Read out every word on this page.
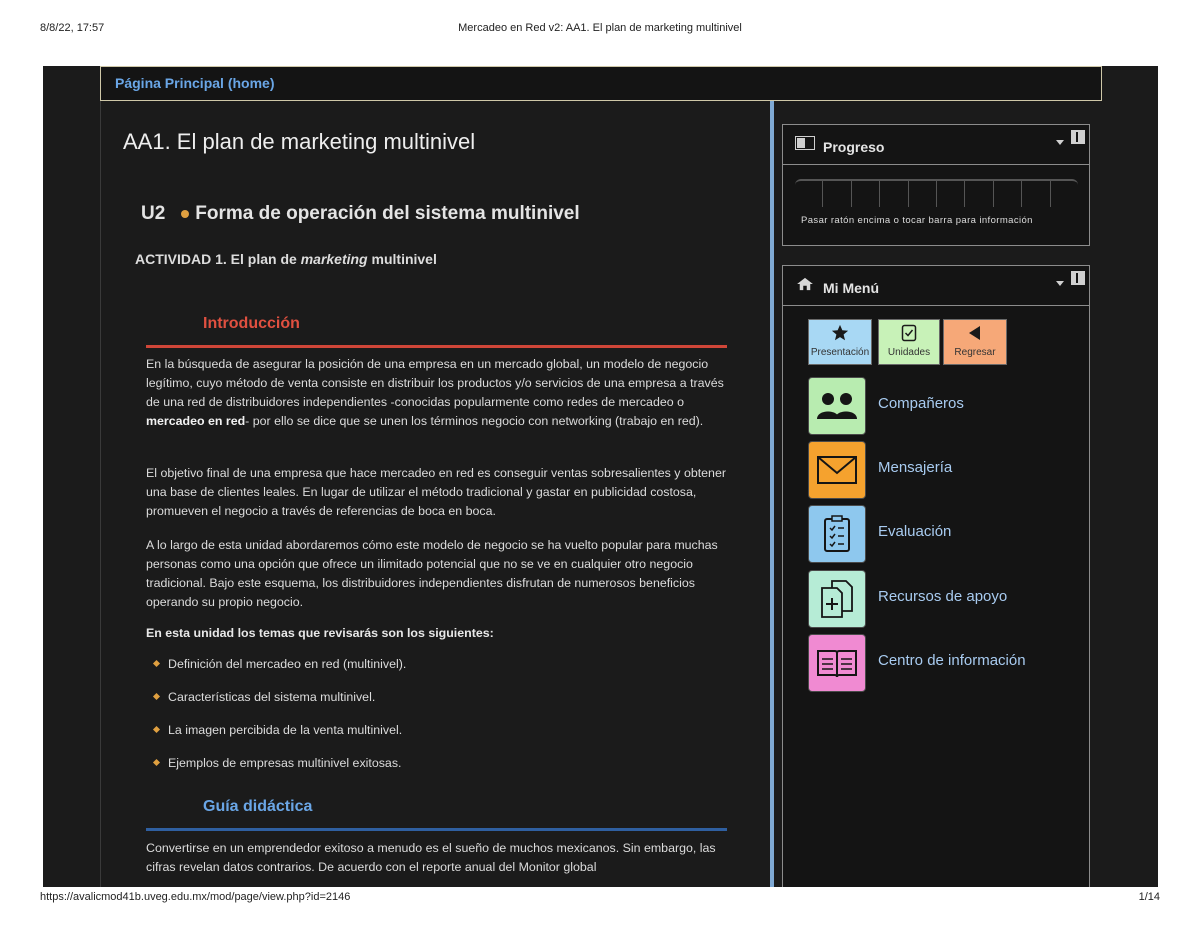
8/8/22, 17:57	Mercadeo en Red v2: AA1. El plan de marketing multinivel
Página Principal (home)
AA1. El plan de marketing multinivel
U2 Forma de operación del sistema multinivel
ACTIVIDAD 1. El plan de marketing multinivel
Introducción

En la búsqueda de asegurar la posición de una empresa en un mercado global, un modelo de negocio legítimo, cuyo método de venta consiste en distribuir los productos y/o servicios de una empresa a través de una red de distribuidores independientes -conocidas popularmente como redes de mercadeo o mercadeo en red- por ello se dice que se unen los términos negocio con networking (trabajo en red).

El objetivo final de una empresa que hace mercadeo en red es conseguir ventas sobresalientes y obtener una base de clientes leales. En lugar de utilizar el método tradicional y gastar en publicidad costosa, promueven el negocio a través de referencias de boca en boca.

A lo largo de esta unidad abordaremos cómo este modelo de negocio se ha vuelto popular para muchas personas como una opción que ofrece un ilimitado potencial que no se ve en cualquier otro negocio tradicional. Bajo este esquema, los distribuidores independientes disfrutan de numerosos beneficios operando su propio negocio.

En esta unidad los temas que revisarás son los siguientes:
Definición del mercadeo en red (multinivel).
Características del sistema multinivel.
La imagen percibida de la venta multinivel.
Ejemplos de empresas multinivel exitosas.
Guía didáctica

Convertirse en un emprendedor exitoso a menudo es el sueño de muchos mexicanos. Sin embargo, las cifras revelan datos contrarios. De acuerdo con el reporte anual del Monitor global

Progreso
Pasar ratón encima o tocar barra para información
Mi Menú
Presentación	Unidades	Regresar
Compañeros
Mensajería
Evaluación
Recursos de apoyo
Centro de información
https://avalicmod41b.uveg.edu.mx/mod/page/view.php?id=2146	1/14
